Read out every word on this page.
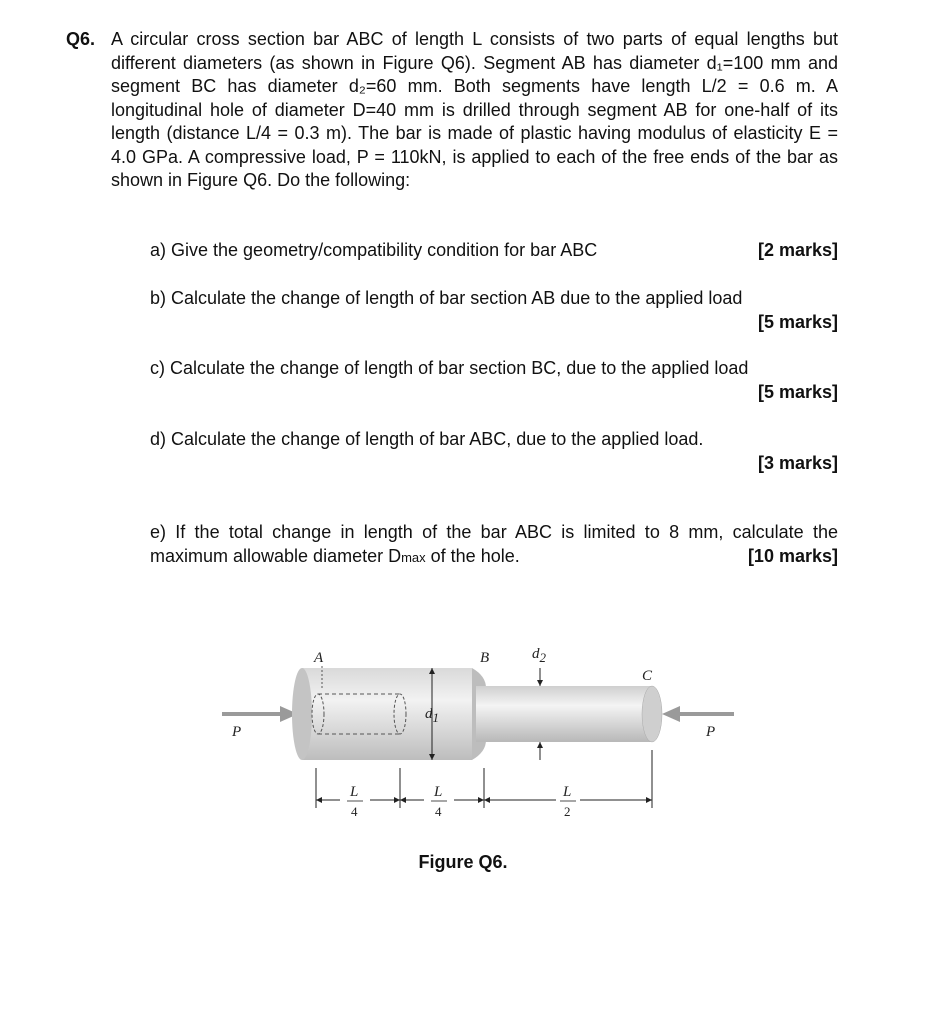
Q6. A circular cross section bar ABC of length L consists of two parts of equal lengths but different diameters (as shown in Figure Q6). Segment AB has diameter d₁=100 mm and segment BC has diameter d₂=60 mm. Both segments have length L/2 = 0.6 m. A longitudinal hole of diameter D=40 mm is drilled through segment AB for one-half of its length (distance L/4 = 0.3 m). The bar is made of plastic having modulus of elasticity E = 4.0 GPa. A compressive load, P = 110kN, is applied to each of the free ends of the bar as shown in Figure Q6. Do the following:
[2 marks]
a) Give the geometry/compatibility condition for bar ABC
b) Calculate the change of length of bar section AB due to the applied load
[5 marks]
[5 marks]
c) Calculate the change of length of bar section BC, due to the applied load
d) Calculate the change of length of bar ABC, due to the applied load.
[3 marks]
[10 marks]
e) If the total change in length of the bar ABC is limited to 8 mm, calculate the maximum allowable diameter Dmax of the hole.
P
d1
d2
A	B
C
P
L
4
L
4
L
2
Figure Q6.
